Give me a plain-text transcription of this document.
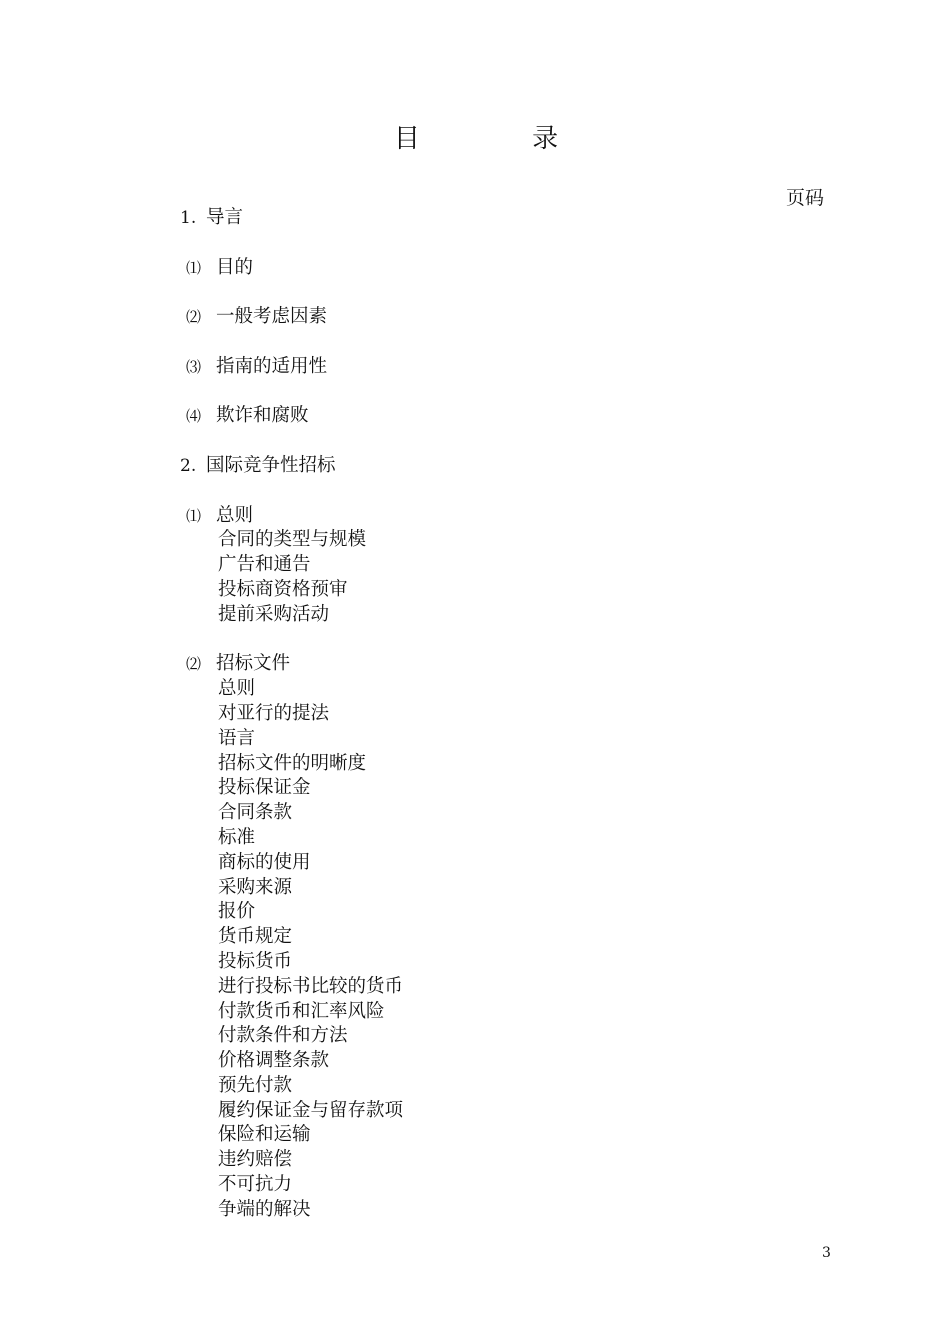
目 录
页码
1. 导言
⑴ 目的
⑵ 一般考虑因素
⑶ 指南的适用性
⑷ 欺诈和腐败
2. 国际竞争性招标
⑴ 总则
合同的类型与规模
广告和通告
投标商资格预审
提前采购活动
⑵ 招标文件
总则
对亚行的提法
语言
招标文件的明晰度
投标保证金
合同条款
标准
商标的使用
采购来源
报价
货币规定
投标货币
进行投标书比较的货币
付款货币和汇率风险
付款条件和方法
价格调整条款
预先付款
履约保证金与留存款项
保险和运输
违约赔偿
不可抗力
争端的解决
3
